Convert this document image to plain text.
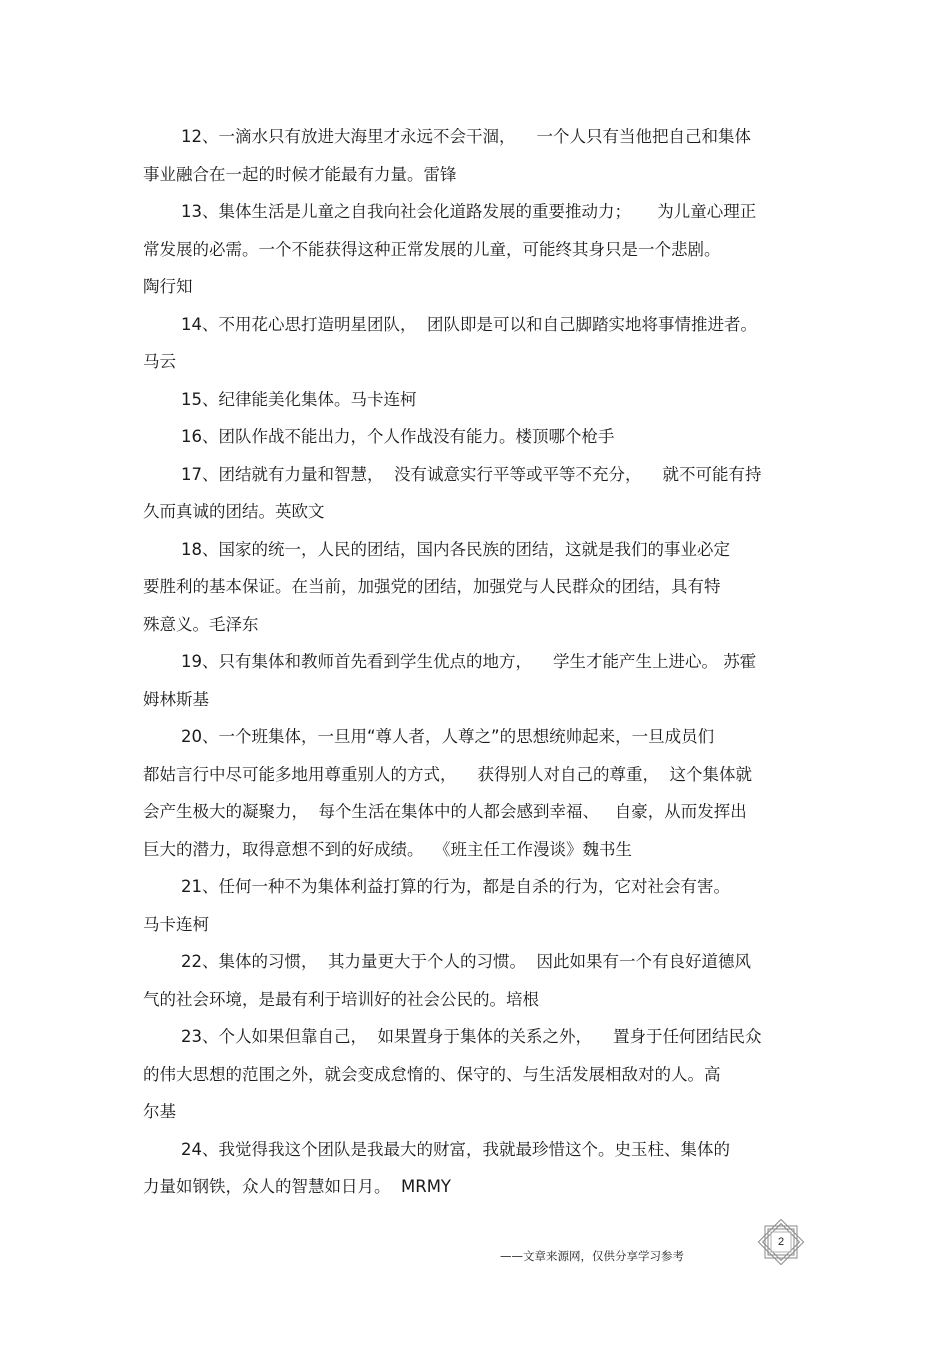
12、一滴水只有放进大海里才永远不会干涸，    一个人只有当他把自己和集体
事业融合在一起的时候才能最有力量。雷锋

13、集体生活是儿童之自我向社会化道路发展的重要推动力；     为儿童心理正
常发展的必需。一个不能获得这种正常发展的儿童，可能终其身只是一个悲剧。
陶行知

14、不用花心思打造明星团队，  团队即是可以和自己脚踏实地将事情推进者。
马云

15、纪律能美化集体。马卡连柯

16、团队作战不能出力，个人作战没有能力。楼顶哪个枪手

17、团结就有力量和智慧，  没有诚意实行平等或平等不充分，    就不可能有持
久而真诚的团结。英欧文

18、国家的统一，人民的团结，国内各民族的团结，这就是我们的事业必定
要胜利的基本保证。在当前，加强党的团结，加强党与人民群众的团结，具有特
殊意义。毛泽东

19、只有集体和教师首先看到学生优点的地方，    学生才能产生上进心。 苏霍
姆林斯基

20、一个班集体，一旦用“尊人者，人尊之”的思想统帅起来，一旦成员们
都姑言行中尽可能多地用尊重别人的方式，    获得别人对自己的尊重，  这个集体就
会产生极大的凝聚力，  每个生活在集体中的人都会感到幸福、   自豪，从而发挥出
巨大的潜力，取得意想不到的好成绩。  《班主任工作漫谈》魏书生

21、任何一种不为集体利益打算的行为，都是自杀的行为，它对社会有害。
马卡连柯

22、集体的习惯，  其力量更大于个人的习惯。  因此如果有一个有良好道德风
气的社会环境，是最有利于培训好的社会公民的。培根

23、个人如果但靠自己，  如果置身于集体的关系之外，    置身于任何团结民众
的伟大思想的范围之外，就会变成怠惰的、保守的、与生活发展相敌对的人。高
尔基

24、我觉得我这个团队是我最大的财富，我就最珍惜这个。史玉柱、集体的
力量如钢铁，众人的智慧如日月。  MRMY

——文章来源网，仅供分享学习参考
2
